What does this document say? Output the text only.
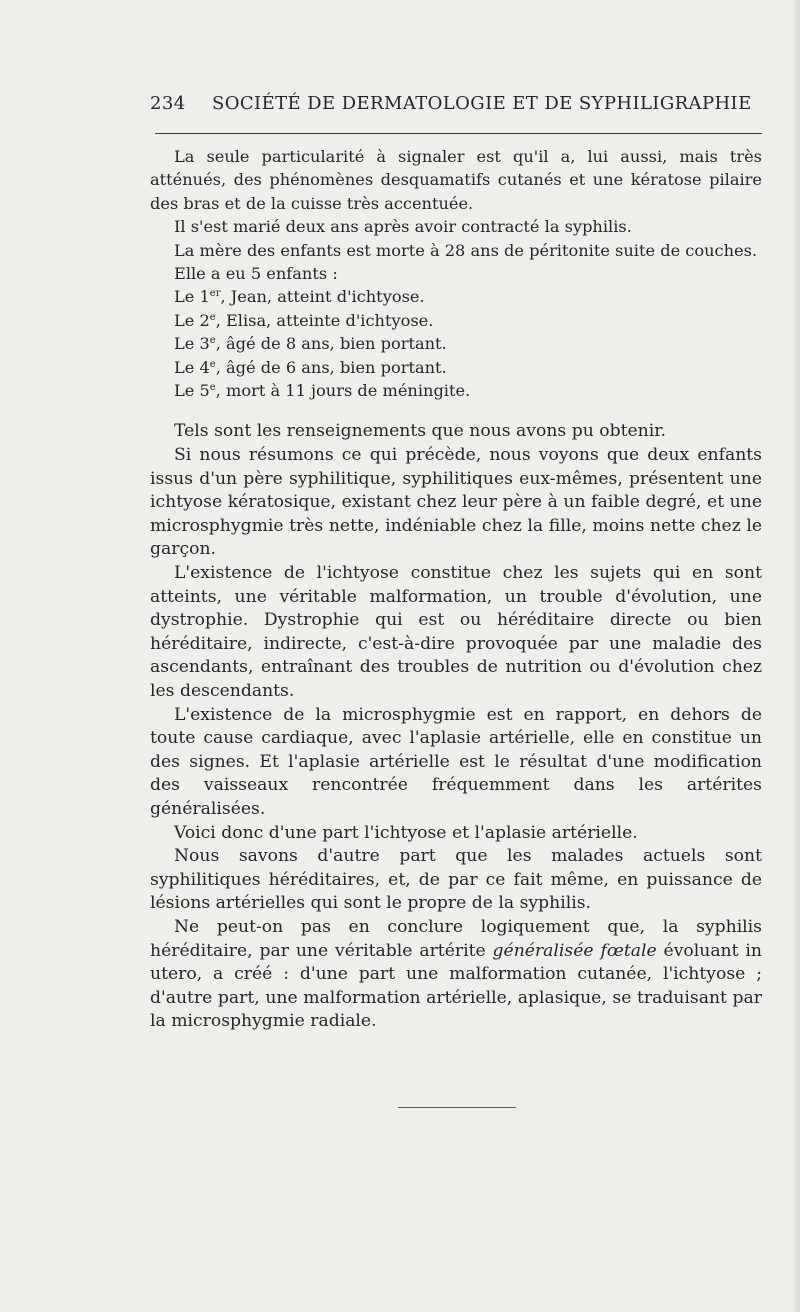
234 SOCIÉTÉ DE DERMATOLOGIE ET DE SYPHILIGRAPHIE

La seule particularité à signaler est qu'il a, lui aussi, mais très atténués, des phénomènes desquamatifs cutanés et une kératose pilaire des bras et de la cuisse très accentuée.

Il s'est marié deux ans après avoir contracté la syphilis.

La mère des enfants est morte à 28 ans de péritonite suite de couches.

Elle a eu 5 enfants :

Le 1er, Jean, atteint d'ichtyose.

Le 2e, Elisa, atteinte d'ichtyose.

Le 3e, âgé de 8 ans, bien portant.

Le 4e, âgé de 6 ans, bien portant.

Le 5e, mort à 11 jours de méningite.

Tels sont les renseignements que nous avons pu obtenir.

Si nous résumons ce qui précède, nous voyons que deux enfants issus d'un père syphilitique, syphilitiques eux-mêmes, présentent une ichtyose kératosique, existant chez leur père à un faible degré, et une microsphygmie très nette, indéniable chez la fille, moins nette chez le garçon.

L'existence de l'ichtyose constitue chez les sujets qui en sont atteints, une véritable malformation, un trouble d'évolution, une dystrophie. Dystrophie qui est ou héréditaire directe ou bien héréditaire, indirecte, c'est-à-dire provoquée par une maladie des ascendants, entraînant des troubles de nutrition ou d'évolution chez les descendants.

L'existence de la microsphygmie est en rapport, en dehors de toute cause cardiaque, avec l'aplasie artérielle, elle en constitue un des signes. Et l'aplasie artérielle est le résultat d'une modification des vaisseaux rencontrée fréquemment dans les artérites généralisées.

Voici donc d'une part l'ichtyose et l'aplasie artérielle.

Nous savons d'autre part que les malades actuels sont syphilitiques héréditaires, et, de par ce fait même, en puissance de lésions artérielles qui sont le propre de la syphilis.

Ne peut-on pas en conclure logiquement que, la syphilis héréditaire, par une véritable artérite généralisée fœtale évoluant in utero, a créé : d'une part une malformation cutanée, l'ichtyose ; d'autre part, une malformation artérielle, aplasique, se traduisant par la microsphygmie radiale.
